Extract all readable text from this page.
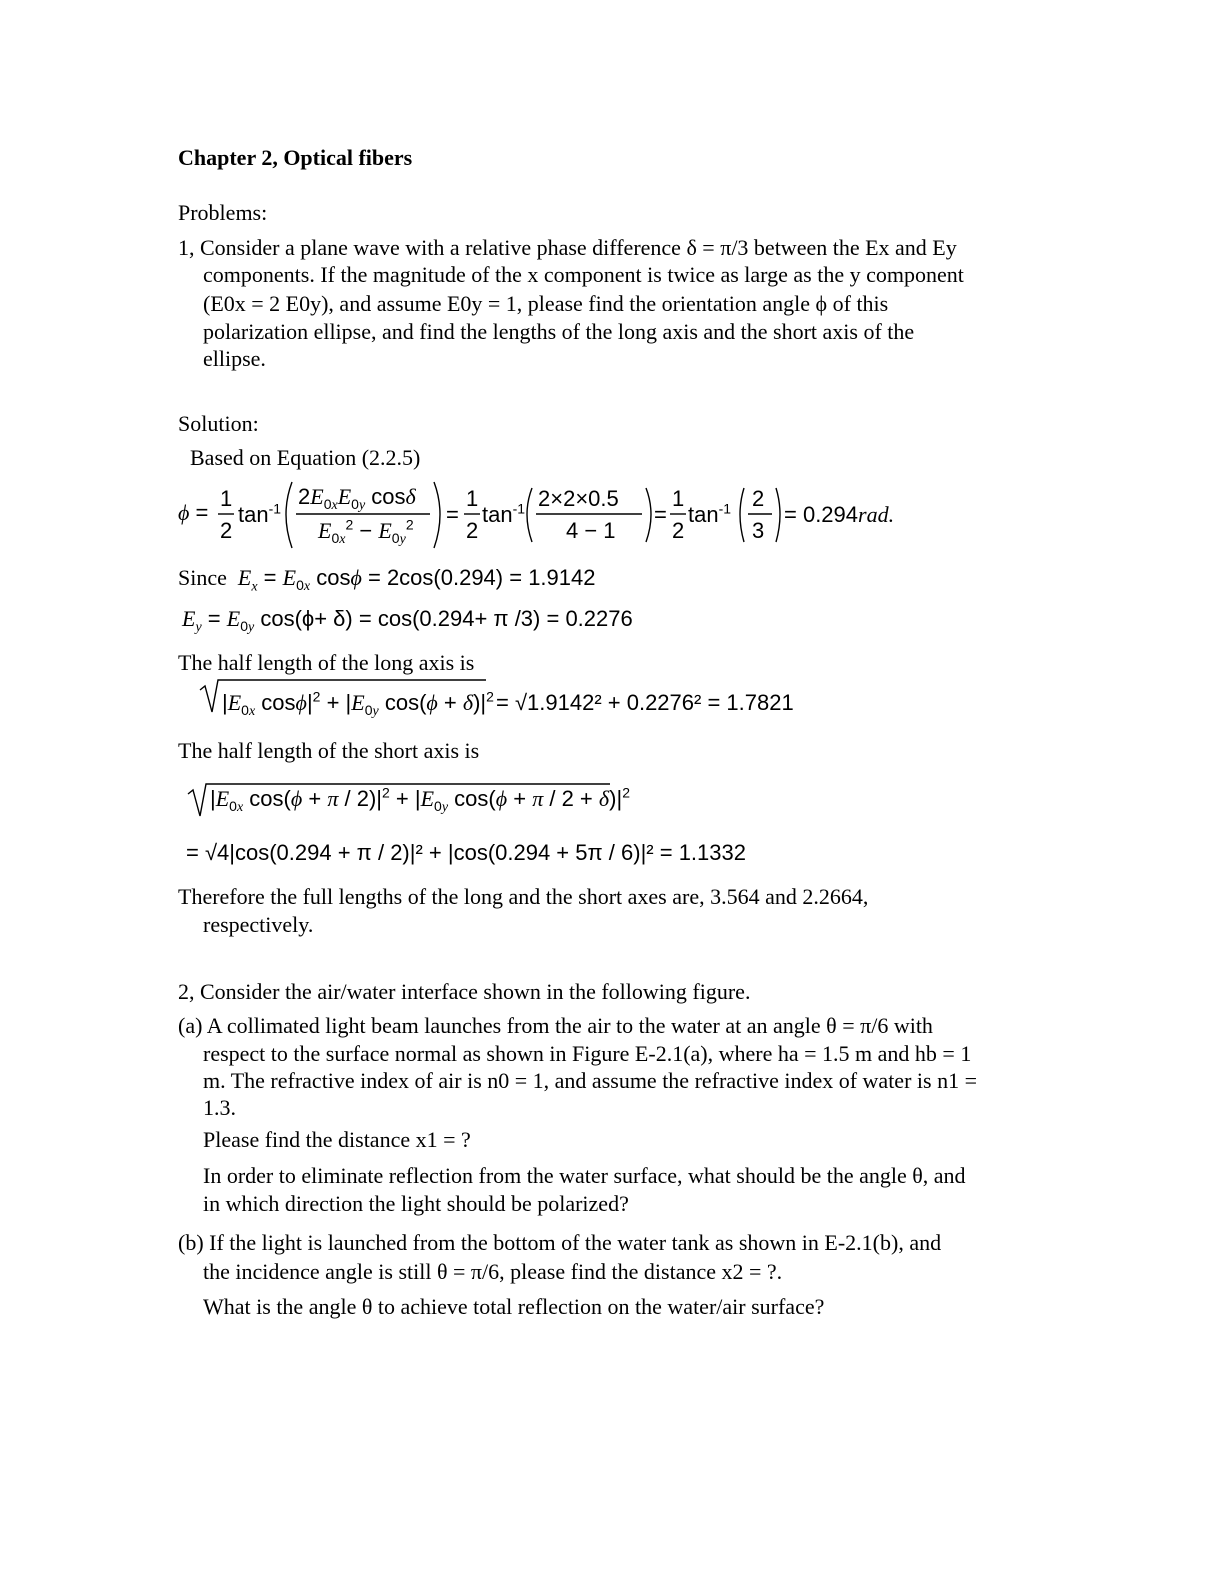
Chapter 2, Optical fibers
Problems:
1, Consider a plane wave with a relative phase difference δ = π/3 between the Ex and Ey
components. If the magnitude of the x component is twice as large as the y component
(E0x = 2 E0y), and assume E0y = 1, please find the orientation angle ϕ of this
polarization ellipse, and find the lengths of the long axis and the short axis of the
ellipse.
Solution:
Based on Equation (2.2.5)
ϕ =
1
2
$\tan^{-1} 2E_{0x}E_{0y}$ cosδ
$E_{0x}^2 - E_{0y}^2$ =
1
2
$\tan^{-1} 2\times 2\times 0.5$
4 − 1
=
1
2
$\tan^{-1} 2$
3
= 0.294rad.
Since  $E_x = E_{0x}$ cosϕ = 2cos(0.294) = 1.9142
$E_y = E_{0y}$ cos(ϕ+ δ) = cos(0.294+ π /3) = 0.2276
The half length of the long axis is
$|E_{0x}$ $\cos\phi|^2 + |E_{0y}$ $\cos(\phi + \delta)|^2 = √1.9142^2 + 0.2276^2 = 1.7821$
The half length of the short axis is
$|E_{0x}$ $\cos(\phi + \pi / 2)|^2 + |E_{0y}$ $\cos(\phi + \pi / 2 + \delta)|^2$
= √4|cos(0.294 + π / 2)|² + |cos(0.294 + 5π / 6)|² = 1.1332
Therefore the full lengths of the long and the short axes are, 3.564 and 2.2664,
respectively.
2, Consider the air/water interface shown in the following figure.
(a) A collimated light beam launches from the air to the water at an angle θ = π/6 with
respect to the surface normal as shown in Figure E-2.1(a), where ha = 1.5 m and hb = 1
m. The refractive index of air is n0 = 1, and assume the refractive index of water is n1 =
1.3.
Please find the distance x1 = ?
In order to eliminate reflection from the water surface, what should be the angle θ, and
in which direction the light should be polarized?
(b) If the light is launched from the bottom of the water tank as shown in E-2.1(b), and
the incidence angle is still θ = π/6, please find the distance x2 = ?.
What is the angle θ to achieve total reflection on the water/air surface?
